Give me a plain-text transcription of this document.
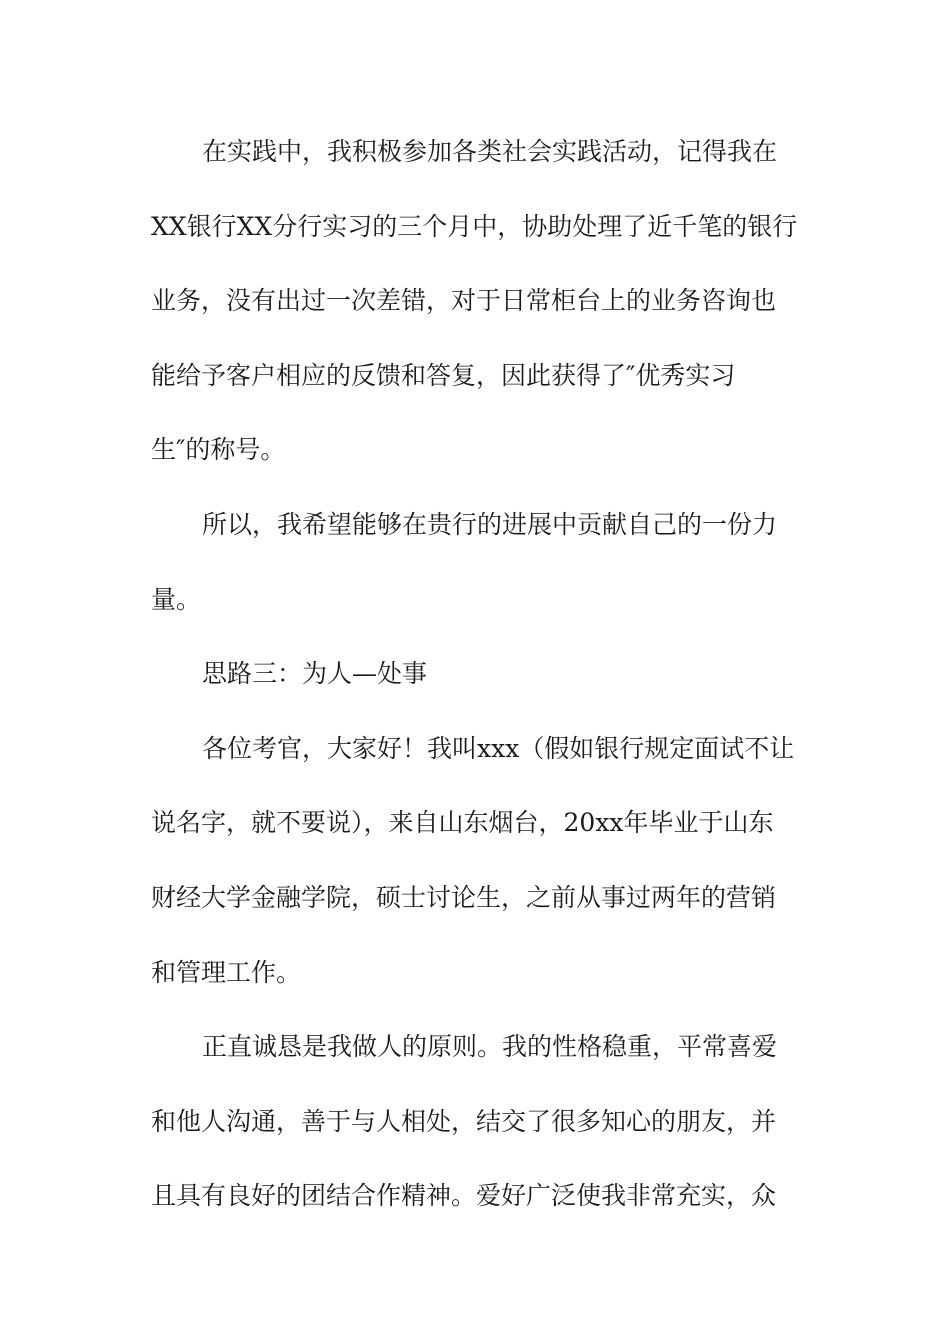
在实践中，我积极参加各类社会实践活动，记得我在
XX银行XX分行实习的三个月中，协助处理了近千笔的银行
业务，没有出过一次差错，对于日常柜台上的业务咨询也
能给予客户相应的反馈和答复，因此获得了″优秀实习
生″的称号。
所以，我希望能够在贵行的进展中贡献自己的一份力
量。
思路三：为人—处事
各位考官，大家好！我叫xxx（假如银行规定面试不让
说名字，就不要说），来自山东烟台，20xx年毕业于山东
财经大学金融学院，硕士讨论生，之前从事过两年的营销
和管理工作。
正直诚恳是我做人的原则。我的性格稳重，平常喜爱
和他人沟通，善于与人相处，结交了很多知心的朋友，并
且具有良好的团结合作精神。爱好广泛使我非常充实，众
